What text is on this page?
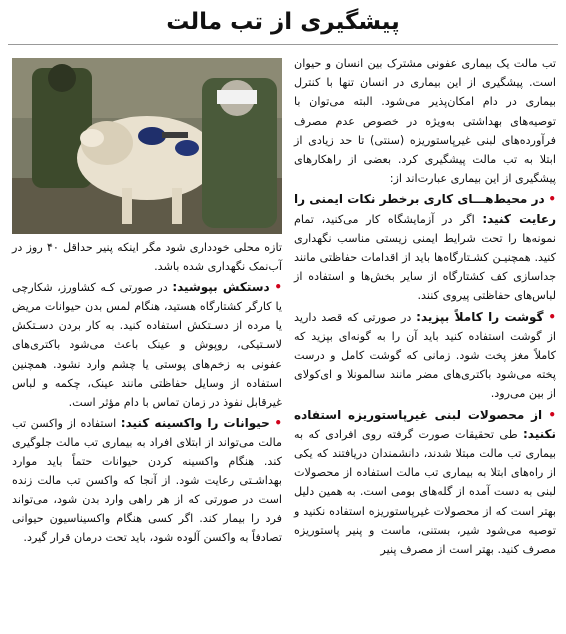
پیشگیری از تب مالت

تب مالت یک بیماری عفونی مشترک بین انسان و حیوان است. پیشگیری از این بیماری در انسان تنها با کنترل بیماری در دام امکان‌پذیر می‌شود. البته می‌توان با توصیه‌های بهداشتی به‌ویژه در خصوص عدم مصرف فرآورده‌های لبنی غیرپاستوریزه (سنتی) تا حد زیادی از ابتلا به تب مالت پیشگیری کرد. بعضی از راهکارهای پیشگیری از این بیماری عبارت‌اند از:

• در محیط‌هـــای کاری برخطر نکات ایمنی را رعایت کنید: اگر در آزمایشگاه کار می‌کنید، تمام نمونه‌ها را تحت شرایط ایمنی زیستی مناسب نگهداری کنید. همچنیـن کشـتارگاه‌ها باید از اقدامات حفاظتی مانند جداسازی کف کشتارگاه از سایر بخش‌ها و استفاده از لباس‌های حفاظتی پیروی کنند.

• گوشت را کاملاً بپزید: در صورتی که قصد دارید از گوشت استفاده کنید باید آن را به گونه‌ای بپزید که کاملاً مغز پخت شود. زمانی که گوشت کامل و درست پخته می‌شود باکتری‌های مضر مانند سالمونلا و ای‌کولای از بین می‌رود.

• از محصولات لبنی غیرپاستوریزه استفاده نکنید: طی تحقیقات صورت گرفته روی افرادی که به بیماری تب مالت مبتلا شدند، دانشمندان دریافتند که یکی از راه‌های ابتلا به بیماری تب مالت استفاده از محصولات لبنی به دست آمده از گله‌های بومی است. به همین دلیل بهتر است که از محصولات غیرپاستوریزه استفاده نکنید و توصیه می‌شود شیر، بستنی، ماست و پنیر پاستوریزه مصرف کنید. بهتر است از مصرف پنیر

تازه محلی خودداری شود مگر اینکه پنیر حداقل ۴۰ روز در آب‌نمک نگهداری شده باشد.

• دستکش بپوشید: در صورتی کـه کشاورز، شکارچی یا کارگر کشتارگاه هستید، هنگام لمس بدن حیوانات مریض یا مرده از دسـتکش استفاده کنید. به کار بردن دسـتکش لاسـتیکی، روپوش و عینک باعث می‌شود باکتری‌های عفونی به زخم‌های پوستی یا چشم وارد نشود. همچنین استفاده از وسایل حفاظتی مانند عینک، چکمه و لباس غیرقابل نفوذ در زمان تماس با دام مؤثر است.

• حیوانات را واکسینه کنید: استفاده از واکسن تب مالت می‌تواند از ابتلای افراد به بیماری تب مالت جلوگیری کند. هنگام واکسینه کردن حیوانات حتماً باید موارد بهداشـتی رعایت شود. از آنجا که واکسن تب مالت زنده است در صورتی که از هر راهی وارد بدن شود، می‌تواند فرد را بیمار کند. اگر کسی هنگام واکسیناسیون حیوانی تصادفاً به واکسن آلوده شود، باید تحت درمان قرار گیرد.
